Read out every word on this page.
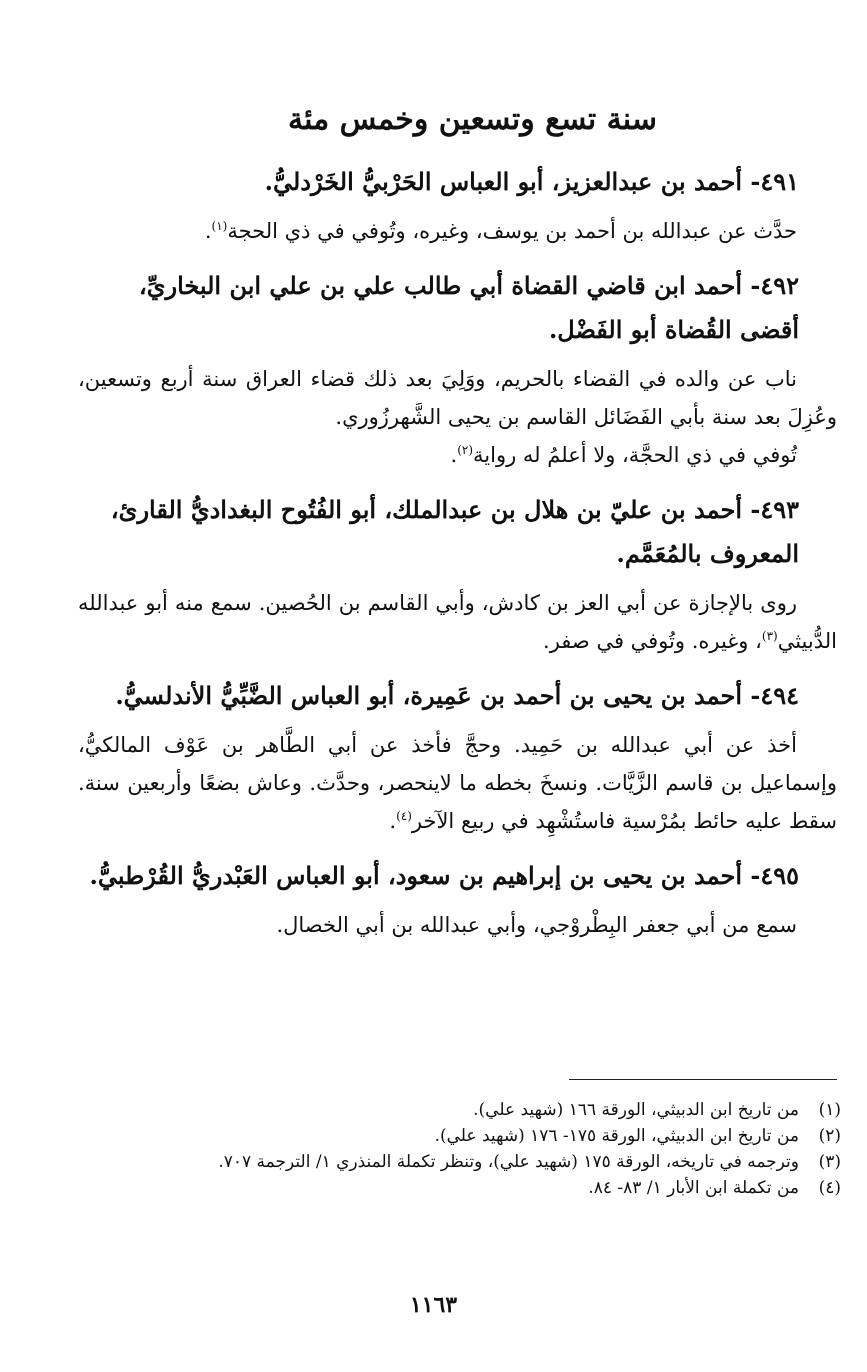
سنة تسع وتسعين وخمس مئة
٤٩١- أحمد بن عبدالعزيز، أبو العباس الحَرْبيُّ الخَرْدليُّ.

حدَّث عن عبدالله بن أحمد بن يوسف، وغيره، وتُوفي في ذي الحجة$^{(١)}$.

٤٩٢- أحمد ابن قاضي القضاة أبي طالب علي بن علي ابن البخاريِّ، أقضى القُضاة أبو الفَضْل.

ناب عن والده في القضاء بالحريم، ووَلِيَ بعد ذلك قضاء العراق سنة أربع وتسعين، وعُزِلَ بعد سنة بأبي الفَضَائل القاسم بن يحيى الشَّهرزُوري.

تُوفي في ذي الحجَّة، ولا أعلمُ له رواية$^{(٢)}$.

٤٩٣- أحمد بن عليّ بن هلال بن عبدالملك، أبو الفُتُوح البغداديُّ القارئ، المعروف بالمُعَمَّم.

روى بالإجازة عن أبي العز بن كادش، وأبي القاسم بن الحُصين. سمع منه أبو عبدالله الدُّبيثي$^{(٣)}$، وغيره. وتُوفي في صفر.

٤٩٤- أحمد بن يحيى بن أحمد بن عَمِيرة، أبو العباس الضَّبِّيُّ الأندلسيُّ.

أخذ عن أبي عبدالله بن حَمِيد. وحجَّ فأخذ عن أبي الطَّاهر بن عَوْف المالكيُّ، وإسماعيل بن قاسم الزَّيَّات. ونسخَ بخطه ما لاينحصر، وحدَّث. وعاش بضعًا وأربعين سنة. سقط عليه حائط بمُرْسية فاستُشْهِد في ربيع الآخر$^{(٤)}$.

٤٩٥- أحمد بن يحيى بن إبراهيم بن سعود، أبو العباس العَبْدريُّ القُرْطبيُّ.

سمع من أبي جعفر البِطْروْجي، وأبي عبدالله بن أبي الخصال.

(١)
من تاريخ ابن الدبيثي، الورقة ١٦٦ (شهيد علي).
(٢)
من تاريخ ابن الدبيثي، الورقة ١٧٥- ١٧٦ (شهيد علي).
(٣)
وترجمه في تاريخه، الورقة ١٧٥ (شهيد علي)، وتنظر تكملة المنذري ١/ الترجمة ٧٠٧.
(٤)
من تكملة ابن الأبار ١/ ٨٣- ٨٤.
١١٦٣
